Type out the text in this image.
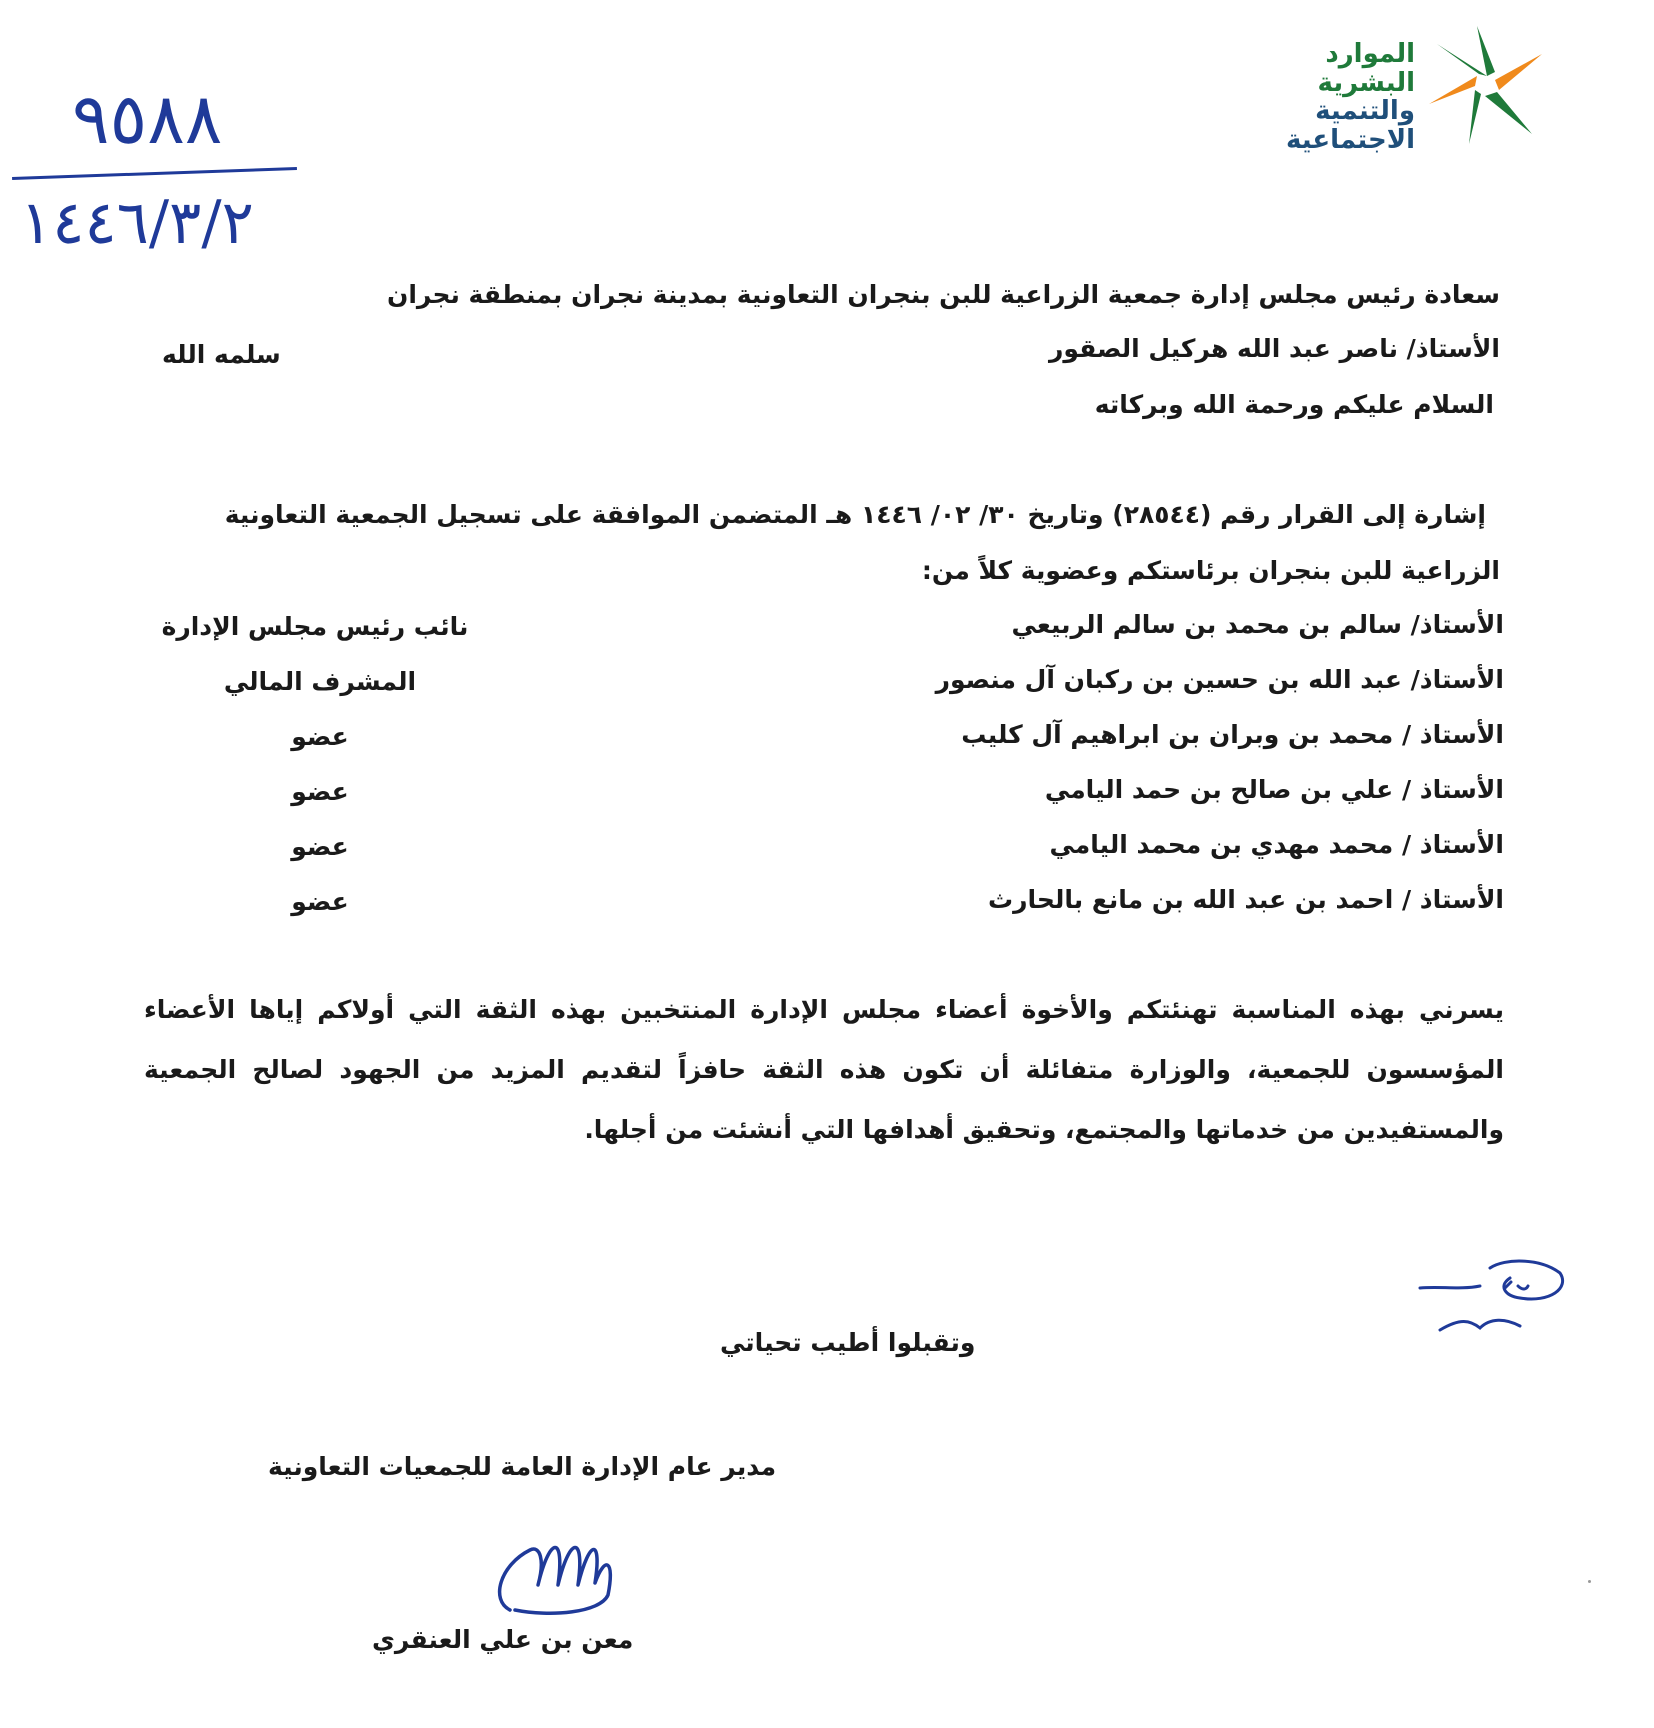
الموارد البشرية
والتنمية الاجتماعية
٩٥٨٨
١٤٤٦/٣/٢
سعادة رئيس مجلس إدارة جمعية الزراعية للبن بنجران التعاونية بمدينة نجران بمنطقة نجران
الأستاذ/ ناصر عبد الله هركيل الصقور
سلمه الله
السلام عليكم ورحمة الله وبركاته
إشارة إلى القرار رقم (٢٨٥٤٤) وتاريخ ٣٠/ ٠٢/ ١٤٤٦ هـ المتضمن الموافقة على تسجيل الجمعية التعاونية
الزراعية للبن بنجران برئاستكم وعضوية كلاً من:
الأستاذ/ سالم بن محمد بن سالم الربيعي
نائب رئيس مجلس الإدارة
الأستاذ/ عبد الله بن حسين بن ركبان آل منصور
المشرف المالي
الأستاذ / محمد بن وبران بن ابراهيم آل كليب
عضو
الأستاذ / علي بن صالح بن حمد اليامي
عضو
الأستاذ / محمد مهدي بن محمد اليامي
عضو
الأستاذ / احمد بن عبد الله بن مانع بالحارث
عضو
يسرني بهذه المناسبة تهنئتكم والأخوة أعضاء مجلس الإدارة المنتخبين بهذه الثقة التي أولاكم إياها الأعضاء المؤسسون للجمعية، والوزارة متفائلة أن تكون هذه الثقة حافزاً لتقديم المزيد من الجهود لصالح الجمعية والمستفيدين من خدماتها والمجتمع، وتحقيق أهدافها التي أنشئت من أجلها.
وتقبلوا أطيب تحياتي
مدير عام الإدارة العامة للجمعيات التعاونية
معن بن علي العنقري
